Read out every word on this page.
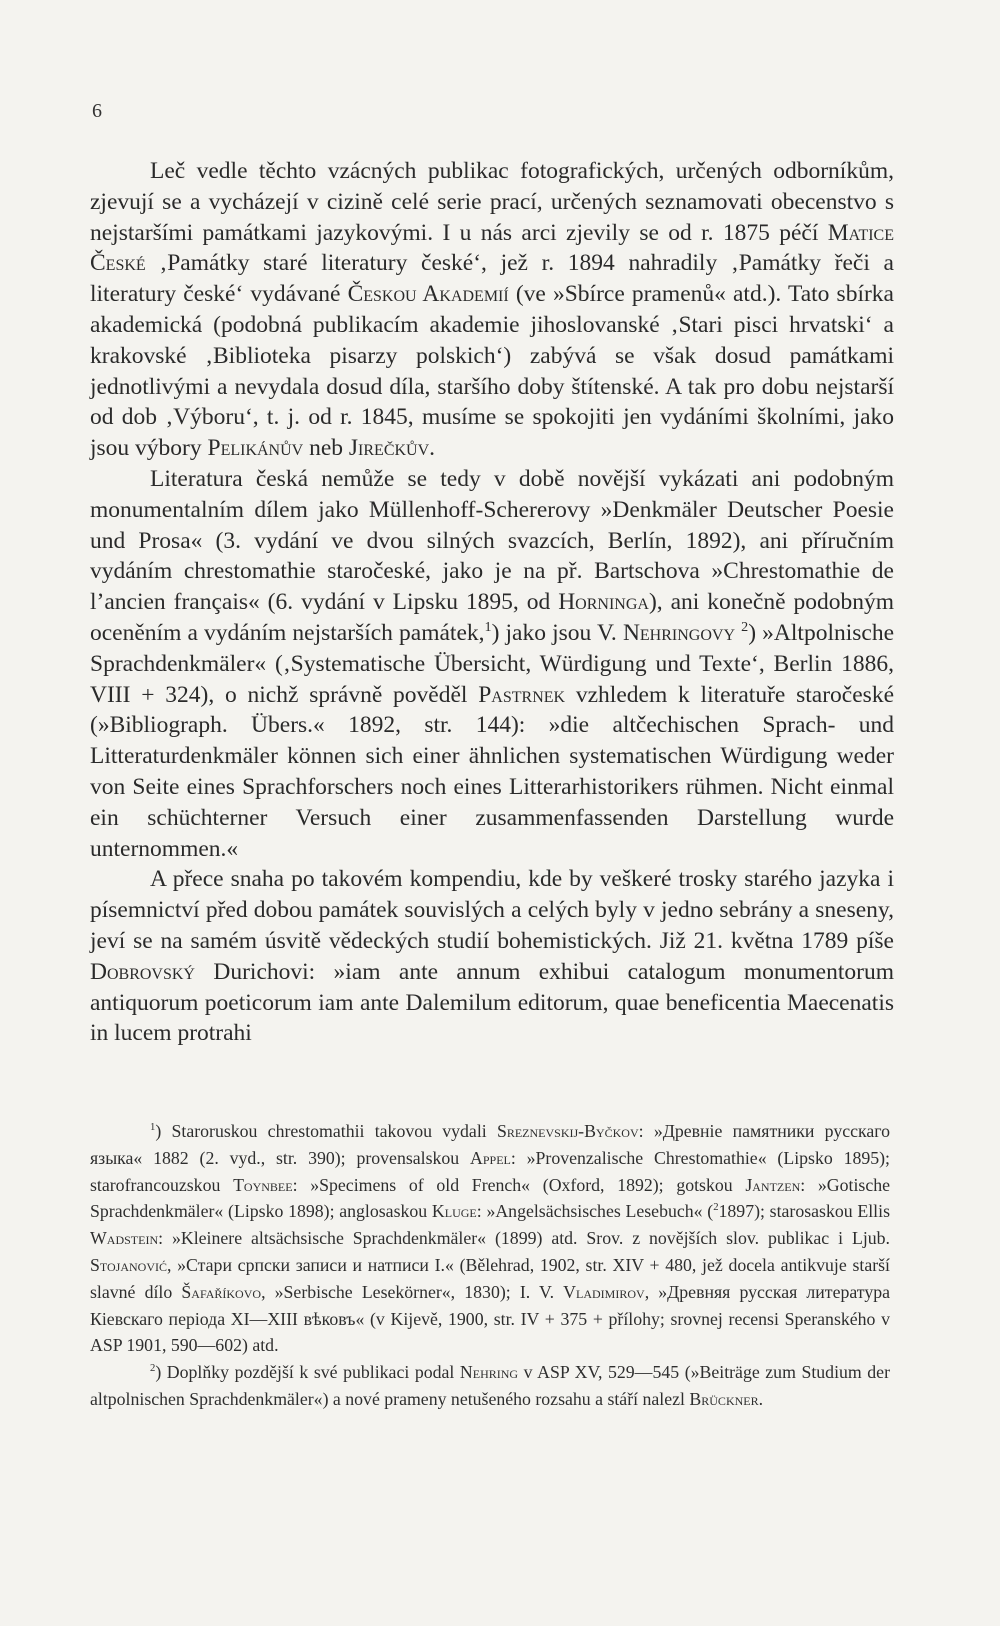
6

Leč vedle těchto vzácných publikac fotografických, určených odborníkům, zjevují se a vycházejí v cizině celé serie prací, určených seznamovati obecenstvo s nejstaršími památkami jazykovými. I u nás arci zjevily se od r. 1875 péčí Matice České ‚Památky staré literatury české‘, jež r. 1894 nahradily ‚Památky řeči a literatury české‘ vydávané Českou Akademií (ve »Sbírce pramenů« atd.). Tato sbírka akademická (podobná publikacím akademie jihoslovanské ‚Stari pisci hrvatski‘ a krakovské ‚Biblioteka pisarzy polskich‘) zabývá se však dosud památkami jednotlivými a nevydala dosud díla, staršího doby štítenské. A tak pro dobu nejstarší od dob ‚Výboru‘, t. j. od r. 1845, musíme se spokojiti jen vydáními školními, jako jsou výbory Pelikánův neb Jirečkův.

Literatura česká nemůže se tedy v době novější vykázati ani podobným monumentalním dílem jako Müllenhoff-Schererovy »Denkmäler Deutscher Poesie und Prosa« (3. vydání ve dvou silných svazcích, Berlín, 1892), ani příručním vydáním chrestomathie staročeské, jako je na př. Bartschova »Chrestomathie de l’ancien français« (6. vydání v Lipsku 1895, od Horninga), ani konečně podobným oceněním a vydáním nejstarších památek,$^1$) jako jsou V. Nehringovy $^2$) »Altpolnische Sprachdenkmäler« (‚Systematische Übersicht, Würdigung und Texte‘, Berlin 1886, VIII + 324), o nichž správně pověděl Pastrnek vzhledem k literatuře staročeské (»Bibliograph. Übers.« 1892, str. 144): »die altčechischen Sprach- und Litteraturdenkmäler können sich einer ähnlichen systematischen Würdigung weder von Seite eines Sprachforschers noch eines Litterarhistorikers rühmen. Nicht einmal ein schüchterner Versuch einer zusammenfassenden Darstellung wurde unternommen.«

A přece snaha po takovém kompendiu, kde by veškeré trosky starého jazyka i písemnictví před dobou památek souvislých a celých byly v jedno sebrány a sneseny, jeví se na samém úsvitě vědeckých studií bohemistických. Již 21. května 1789 píše Dobrovský Durichovi: »iam ante annum exhibui catalogum monumentorum antiquorum poeticorum iam ante Dalemilum editorum, quae beneficentia Maecenatis in lucem protrahi

$^1$) Staroruskou chrestomathii takovou vydali Sreznevskij-Byčkov: »Древніе памятники русскаго языка« 1882 (2. vyd., str. 390); provensalskou Appel: »Provenzalische Chrestomathie« (Lipsko 1895); starofrancouzskou Toynbee: »Specimens of old French« (Oxford, 1892); gotskou Jantzen: »Gotische Sprachdenkmäler« (Lipsko 1898); anglosaskou Kluge: »Angelsächsisches Lesebuch« ($^2$1897); starosaskou Ellis Wadstein: »Kleinere altsächsische Sprachdenkmäler« (1899) atd. Srov. z novějších slov. publikac i Ljub. Stojanović, »Стари српски записи и натписи I.« (Bělehrad, 1902, str. XIV + 480, jež docela antikvuje starší slavné dílo Šafaříkovo, »Serbische Lesekörner«, 1830); I. V. Vladimirov, »Древняя русская литература Кіевскаго періода XI—XIII вѣковъ« (v Kijevě, 1900, str. IV + 375 + přílohy; srovnej recensi Speranského v ASP 1901, 590—602) atd.

$^2$) Doplňky pozdější k své publikaci podal Nehring v ASP XV, 529—545 (»Beiträge zum Studium der altpolnischen Sprachdenkmäler«) a nové prameny netušeného rozsahu a stáří nalezl Brückner.
